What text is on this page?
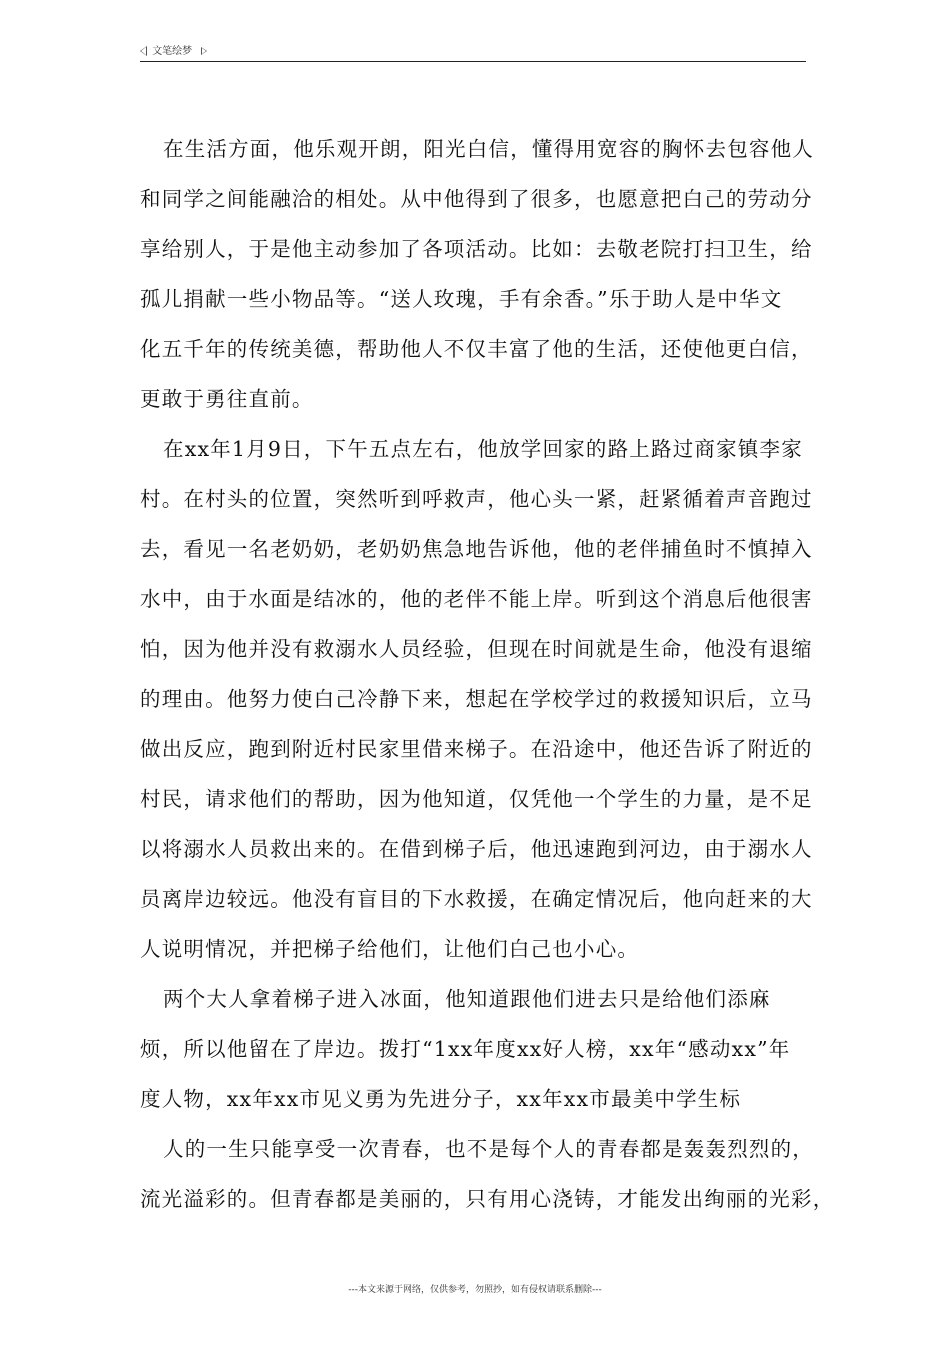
文笔绘梦
在生活方面，他乐观开朗，阳光白信，懂得用宽容的胸怀去包容他人
和同学之间能融洽的相处。从中他得到了很多，也愿意把白己的劳动分
享给别人，于是他主动参加了各项活动。比如：去敬老院打扫卫生，给
孤儿捐献一些小物品等。“送人玫瑰，手有余香。”乐于助人是中华文
化五千年的传统美德，帮助他人不仅丰富了他的生活，还使他更白信，
更敢于勇往直前。
在xx年1月9日，下午五点左右，他放学回家的路上路过商家镇李家
村。在村头的位置，突然听到呼救声，他心头一紧，赶紧循着声音跑过
去，看见一名老奶奶，老奶奶焦急地告诉他，他的老伴捕鱼时不慎掉入
水中，由于水面是结冰的，他的老伴不能上岸。听到这个消息后他很害
怕，因为他并没有救溺水人员经验，但现在时间就是生命，他没有退缩
的理由。他努力使白己冷静下来，想起在学校学过的救援知识后，立马
做出反应，跑到附近村民家里借来梯子。在沿途中，他还告诉了附近的
村民，请求他们的帮助，因为他知道，仅凭他一个学生的力量，是不足
以将溺水人员救出来的。在借到梯子后，他迅速跑到河边，由于溺水人
员离岸边较远。他没有盲目的下水救援，在确定情况后，他向赶来的大
人说明情况，并把梯子给他们，让他们白己也小心。
两个大人拿着梯子进入冰面，他知道跟他们进去只是给他们添麻
烦，所以他留在了岸边。拨打“1xx年度xx好人榜，xx年“感动xx”年
度人物，xx年xx市见义勇为先进分子，xx年xx市最美中学生标
人的一生只能享受一次青春，也不是每个人的青春都是轰轰烈烈的，
流光溢彩的。但青春都是美丽的，只有用心浇铸，才能发出绚丽的光彩，
---本文来源于网络，仅供参考，勿照抄，如有侵权请联系删除---
